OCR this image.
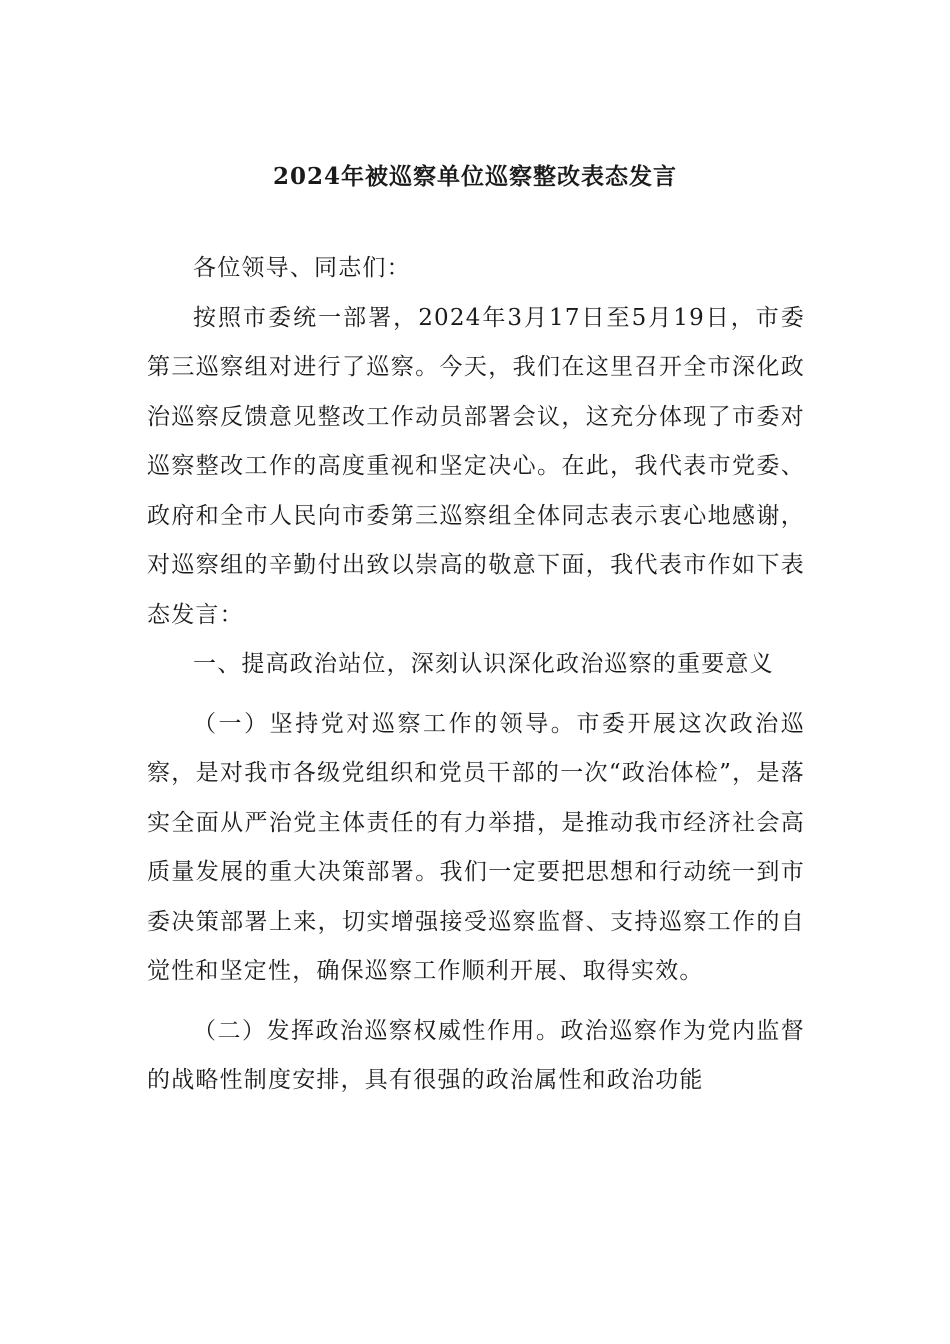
2024年被巡察单位巡察整改表态发言

各位领导、同志们：

按照市委统一部署，2024年3月17日至5月19日，市委第三巡察组对进行了巡察。今天，我们在这里召开全市深化政治巡察反馈意见整改工作动员部署会议，这充分体现了市委对巡察整改工作的高度重视和坚定决心。在此，我代表市党委、政府和全市人民向市委第三巡察组全体同志表示衷心地感谢，对巡察组的辛勤付出致以崇高的敬意下面，我代表市作如下表态发言：

一、提高政治站位，深刻认识深化政治巡察的重要意义

（一）坚持党对巡察工作的领导。市委开展这次政治巡察，是对我市各级党组织和党员干部的一次“政治体检”，是落实全面从严治党主体责任的有力举措，是推动我市经济社会高质量发展的重大决策部署。我们一定要把思想和行动统一到市委决策部署上来，切实增强接受巡察监督、支持巡察工作的自觉性和坚定性，确保巡察工作顺利开展、取得实效。

（二）发挥政治巡察权威性作用。政治巡察作为党内监督的战略性制度安排，具有很强的政治属性和政治功能
